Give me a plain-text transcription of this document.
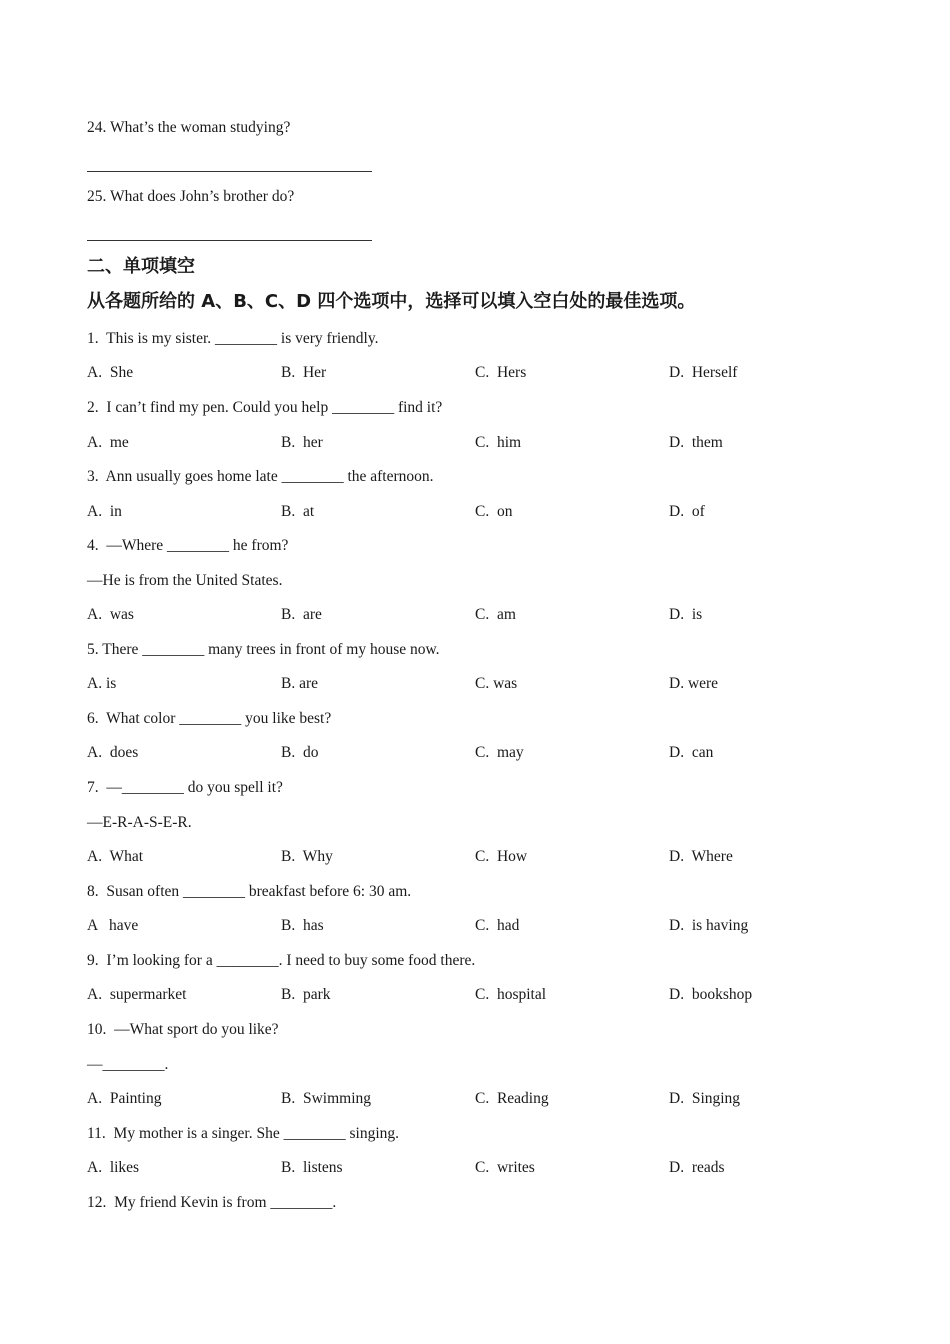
24. What’s the woman studying?
25. What does John’s brother do?
二、单项填空
从各题所给的 A、B、C、D 四个选项中，选择可以填入空白处的最佳选项。
1.  This is my sister. ________ is very friendly.
A.  She	B.  Her	C.  Hers	D.  Herself
2.  I can’t find my pen. Could you help ________ find it?
A.  me	B.  her	C.  him	D.  them
3.  Ann usually goes home late ________ the afternoon.
A.  in	B.  at	C.  on	D.  of
4.  —Where ________ he from?
—He is from the United States.
A.  was	B.  are	C.  am	D.  is
5. There ________ many trees in front of my house now.
A. is	B. are	C. was	D. were
6.  What color ________ you like best?
A.  does	B.  do	C.  may	D.  can
7.  —________ do you spell it?
—E-R-A-S-E-R.
A.  What	B.  Why	C.  How	D.  Where
8.  Susan often ________ breakfast before 6: 30 am.
A   have	B.  has	C.  had	D.  is having
9.  I’m looking for a ________. I need to buy some food there.
A.  supermarket	B.  park	C.  hospital	D.  bookshop
10.  —What sport do you like?
—________.
A.  Painting	B.  Swimming	C.  Reading	D.  Singing
11.  My mother is a singer. She ________ singing.
A.  likes	B.  listens	C.  writes	D.  reads
12.  My friend Kevin is from ________.
